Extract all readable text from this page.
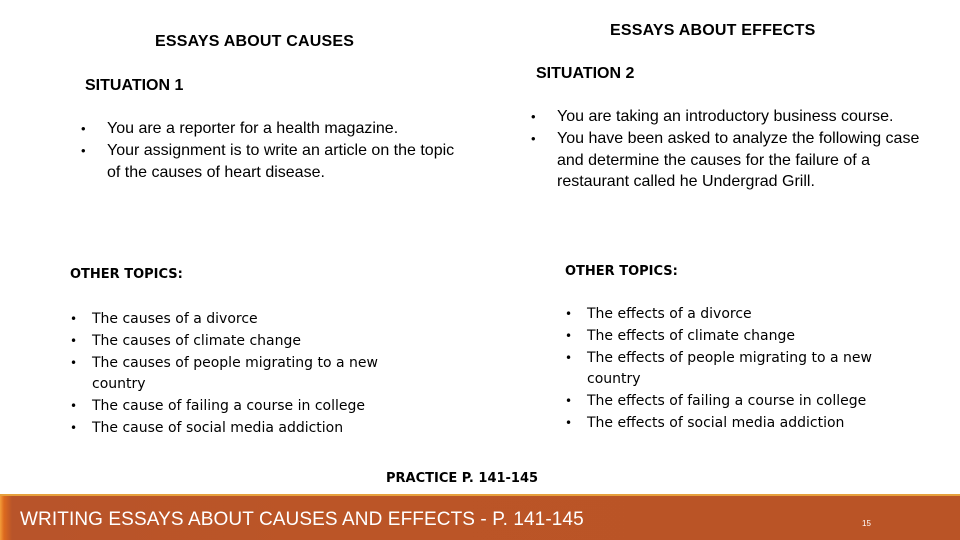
ESSAYS ABOUT CAUSES
SITUATION 1
• You are a reporter for a health magazine.
• Your assignment is to write an article on the topic of the causes of heart disease.
OTHER TOPICS:
• The causes of a divorce
• The causes of climate change
• The causes of people migrating to a new country
• The cause of failing a course in college
• The cause of social media addiction
ESSAYS ABOUT EFFECTS
SITUATION 2
• You are taking an introductory business course.
• You have been asked to analyze the following case and determine the causes for the failure of a restaurant called he Undergrad Grill.
OTHER TOPICS:
• The effects of a divorce
• The effects of climate change
• The effects of people migrating to a new country
• The effects of failing a course in college
• The effects of social media addiction
PRACTICE P. 141-145
WRITING ESSAYS ABOUT CAUSES AND EFFECTS - P. 141-145	15
